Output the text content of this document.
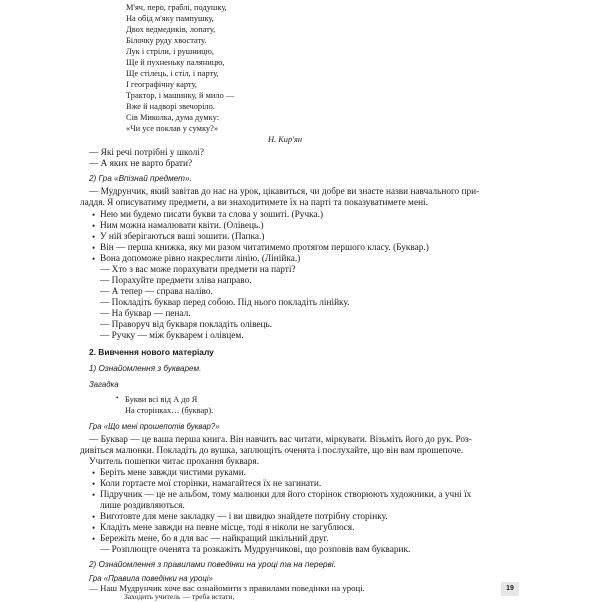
М'яч, перо, граблі, подушку,
На обід м'яку пампушку,
Двох ведмедиків, лопату,
Білочку руду хвостату.
Лук і стріли, і рушницю,
Ще й пухненьку паляницю,
Ще стілець, і стіл, і парту,
І географічну карту,
Трактор, і машинку, й мило —
Вже й надворі звечоріло.
Сів Миколка, дума думку:
«Чи усе поклав у сумку?»
Н. Кир'ян
— Які речі потрібні у школі?
— А яких не варто брати?
2) Гра «Впізнай предмет».
— Мудрунчик, який завітав до нас на урок, цікавиться, чи добре ви знаєте назви навчального при-
ладдя. Я описуватиму предмети, а ви знаходитимете їх на парті та показуватимете мені.
• Нею ми будемо писати букви та слова у зошиті. (Ручка.)
• Ним можна намалювати квіти. (Олівець.)
• У ній зберігаються ваші зошити. (Папка.)
• Він — перша книжка, яку ми разом читатимемо протягом першого класу. (Буквар.)
• Вона допоможе рівно накреслити лінію. (Лінійка.)
— Хто з вас може порахувати предмети на парті?
— Порахуйте предмети зліва направо.
— А тепер — справа наліво.
— Покладіть буквар перед собою. Під нього покладіть лінійку.
— На буквар — пенал.
— Праворуч від букваря покладіть олівець.
— Ручку — між букварем і олівцем.
2. Вивчення нового матеріалу
1) Ознайомлення з букварем.
Загадка
• Букви всі від А до Я
На сторінках… (буквар).
Гра «Що мені прошепотів буквар?»
— Буквар — це ваша перша книга. Він навчить вас читати, міркувати. Візьміть його до рук. Роз-
дивіться малюнки. Покладіть до вушка, заплющіть оченята і послухайте, що він вам прошепоче.
Учитель пошепки читає прохання букваря.
• Беріть мене завжди чистими руками.
• Коли гортаєте мої сторінки, намагайтеся їх не загинати.
• Підручник — це не альбом, тому малюнки для його сторінок створюють художники, а учні їх
лише роздивляються.
• Виготовте для мене закладку — і ви швидко знайдете потрібну сторінку.
• Кладіть мене завжди на певне місце, тоді я ніколи не загублюся.
• Бережіть мене, бо я для вас — найкращий шкільний друг.
— Розплющте оченята та розкажіть Мудрунчикові, що розповів вам букварик.
2) Ознайомлення з правилами поведінки на уроці та на перерві.
Гра «Правила поведінки на уроці»
— Наш Мудрунчик хоче вас ознайомити з правилами поведінки на уроці.
Заходить учитель — треба встати,
19
